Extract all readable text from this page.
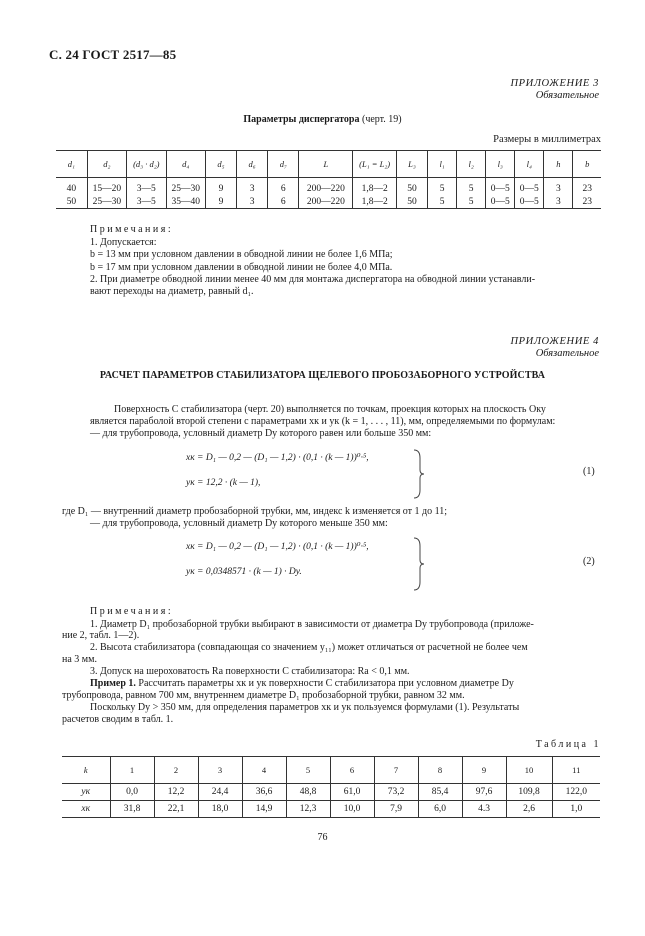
С. 24 ГОСТ 2517—85
ПРИЛОЖЕНИЕ 3
Обязательное
Параметры диспергатора (черт. 19)
Размеры в миллиметрах
d₁	d₂	(d₃ · d₂)	d₄	d₅	d₆	d₇	L	(L₁ = L₂)	L₃	l₁	l₂	l₃	l₄	h	b
40	15—20	3—5	25—30	9	3	6	200—220	1,8—2	50	5	5	0—5	0—5	3	23
50	25—30	3—5	35—40	9	3	6	200—220	1,8—2	50	5	5	0—5	0—5	3	23
Примечания:
1. Допускается:
b = 13 мм при условном давлении в обводной линии не более 1,6 МПа;
b = 17 мм при условном давлении в обводной линии не более 4,0 МПа.
2. При диаметре обводной линии менее 40 мм для монтажа диспергатора на обводной линии устанавли-
вают переходы на диаметр, равный d₁.
ПРИЛОЖЕНИЕ 4
Обязательное
РАСЧЕТ ПАРАМЕТРОВ СТАБИЛИЗАТОРА ЩЕЛЕВОГО ПРОБОЗАБОРНОГО УСТРОЙСТВА
Поверхность C стабилизатора (черт. 20) выполняется по точкам, проекция которых на плоскость Oку
является параболой второй степени с параметрами xк и yк (k = 1, . . . , 11), мм, определяемыми по формулам:
— для трубопровода, условный диаметр Dу которого равен или больше 350 мм:
xк = D₁ — 0,2 — (D₁ — 1,2) · (0,1 · (k — 1))⁰·⁵,
yк = 12,2 · (k — 1),
(1)
где D₁ — внутренний диаметр пробозаборной трубки, мм, индекс k изменяется от 1 до 11;
— для трубопровода, условный диаметр Dу которого меньше 350 мм:
xк = D₁ — 0,2 — (D₁ — 1,2) · (0,1 · (k — 1))⁰·⁵,
yк = 0,0348571 · (k — 1) · Dу.
(2)
Примечания:
1. Диаметр D₁ пробозаборной трубки выбирают в зависимости от диаметра Dу трубопровода (приложе-
ние 2, табл. 1—2).
2. Высота стабилизатора (совпадающая со значением y₁₁) может отличаться от расчетной не более чем
на 3 мм.
3. Допуск на шероховатость Ra поверхности C стабилизатора: Ra < 0,1 мм.
Пример 1. Рассчитать параметры xк и yк поверхности C стабилизатора при условном диаметре Dу
трубопровода, равном 700 мм, внутреннем диаметре D₁ пробозаборной трубки, равном 32 мм.
Поскольку Dу > 350 мм, для определения параметров xк и yк пользуемся формулами (1). Результаты
расчетов сводим в табл. 1.
Таблица 1
k	1	2	3	4	5	6	7	8	9	10	11
yк	0,0	12,2	24,4	36,6	48,8	61,0	73,2	85,4	97,6	109,8	122,0
xк	31,8	22,1	18,0	14,9	12,3	10,0	7,9	6,0	4.3	2,6	1,0
76
